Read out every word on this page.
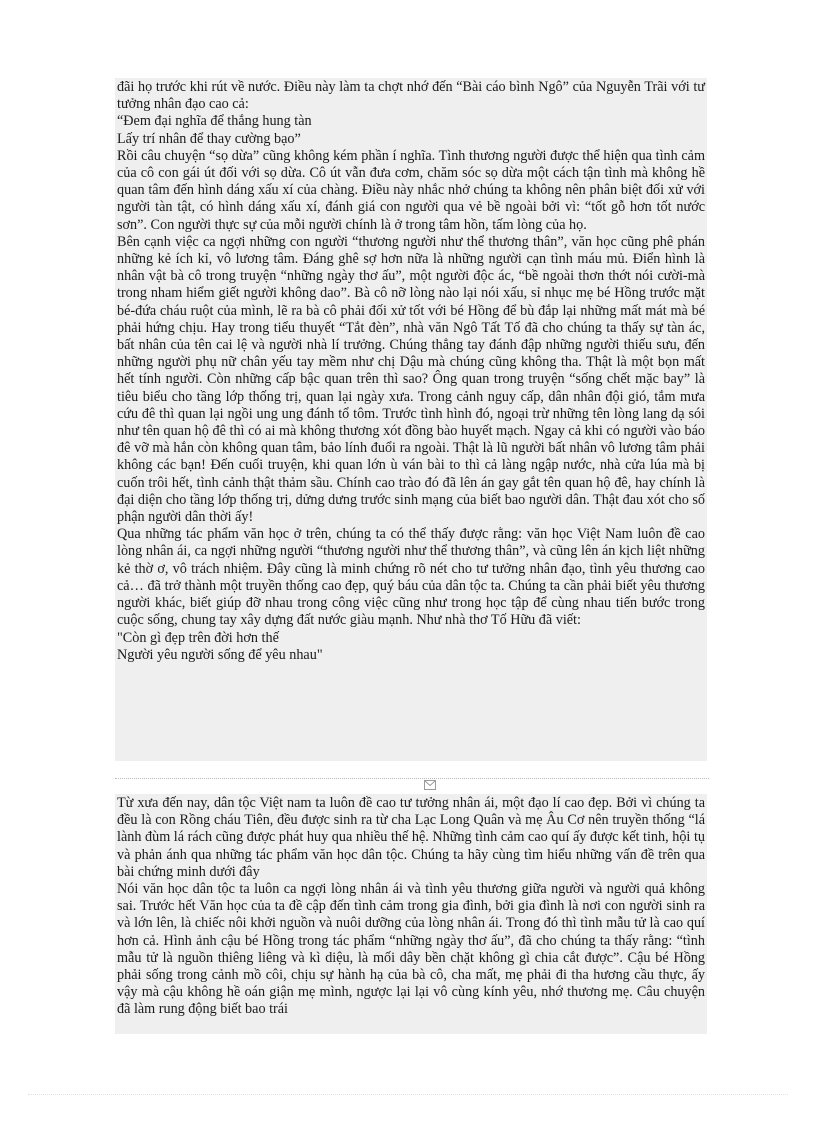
đãi họ trước khi rút về nước. Điều này làm ta chợt nhớ đến “Bài cáo bình Ngô” của Nguyễn Trãi với tư tưởng nhân đạo cao cả:

“Đem đại nghĩa để thắng hung tàn

Lấy trí nhân để thay cường bạo”

Rồi câu chuyện “sọ dừa” cũng không kém phần í nghĩa. Tình thương người được thể hiện qua tình cảm của cô con gái út đối với sọ dừa. Cô út vẫn đưa cơm, chăm sóc sọ dừa một cách tận tình mà không hề quan tâm đến hình dáng xấu xí của chàng. Điều này nhắc nhở chúng ta không nên phân biệt đối xử với người tàn tật, có hình dáng xấu xí, đánh giá con người qua vẻ bề ngoài bởi vì: “tốt gỗ hơn tốt nước sơn”. Con người thực sự của mỗi người chính là ở trong tâm hồn, tấm lòng của họ.

Bên cạnh việc ca ngợi những con người “thương người như thể thương thân”, văn học cũng phê phán những kẻ ích kỉ, vô lương tâm. Đáng ghê sợ hơn nữa là những người cạn tình máu mủ. Điển hình là nhân vật bà cô trong truyện “những ngày thơ ấu”, một người độc ác, “bề ngoài thơn thớt nói cười-mà trong nham hiểm giết người không dao”. Bà cô nỡ lòng nào lại nói xấu, sỉ nhục mẹ bé Hồng trước mặt bé-đứa cháu ruột của mình, lẽ ra bà cô phải đối xử tốt với bé Hồng để bù đắp lại những mất mát mà bé phải hứng chịu. Hay trong tiểu thuyết “Tắt đèn”, nhà văn Ngô Tất Tố đã cho chúng ta thấy sự tàn ác, bất nhân của tên cai lệ và người nhà lí trưởng. Chúng thẳng tay đánh đập những người thiếu sưu, đến những người phụ nữ chân yếu tay mềm như chị Dậu mà chúng cũng không tha. Thật là một bọn mất hết tính người. Còn những cấp bậc quan trên thì sao? Ông quan trong truyện “sống chết mặc bay” là tiêu biểu cho tầng lớp thống trị, quan lại ngày xưa. Trong cảnh nguy cấp, dân nhân đội gió, tắm mưa cứu đê thì quan lại ngồi ung ung đánh tổ tôm. Trước tình hình đó, ngoại trừ những tên lòng lang dạ sói như tên quan hộ đê thì có ai mà không thương xót đồng bào huyết mạch. Ngay cả khi có người vào báo đê vỡ mà hắn còn không quan tâm, bảo lính đuổi ra ngoài. Thật là lũ người bất nhân vô lương tâm phải không các bạn! Đến cuối truyện, khi quan lớn ù ván bài to thì cả làng ngập nước, nhà cửa lúa mà bị cuốn trôi hết, tình cảnh thật thảm sầu. Chính cao trào đó đã lên án gay gắt tên quan hộ đê, hay chính là đại diện cho tầng lớp thống trị, dửng dưng trước sinh mạng của biết bao người dân. Thật đau xót cho số phận người dân thời ấy!

Qua những tác phẩm văn học ở trên, chúng ta có thể thấy được rằng: văn học Việt Nam luôn đề cao lòng nhân ái, ca ngợi những người “thương người như thể thương thân”, và cũng lên án kịch liệt những kẻ thờ ơ, vô trách nhiệm. Đây cũng là minh chứng rõ nét cho tư tưởng nhân đạo, tình yêu thương cao cả… đã trở thành một truyền thống cao đẹp, quý báu của dân tộc ta. Chúng ta cần phải biết yêu thương người khác, biết giúp đỡ nhau trong công việc cũng như trong học tập để cùng nhau tiến bước trong cuộc sống, chung tay xây dựng đất nước giàu mạnh. Như nhà thơ Tố Hữu đã viết:

"Còn gì đẹp trên đời hơn thế

Người yêu người sống để yêu nhau"

Từ xưa đến nay, dân tộc Việt nam ta luôn đề cao tư tưởng nhân ái, một đạo lí cao đẹp. Bởi vì chúng ta đều là con Rồng cháu Tiên, đều được sinh ra từ cha Lạc Long Quân và mẹ Âu Cơ nên truyền thống “lá lành đùm lá rách cũng được phát huy qua nhiều thế hệ. Những tình cảm cao quí ấy được kết tinh, hội tụ và phản ánh qua những tác phẩm văn học dân tộc. Chúng ta hãy cùng tìm hiểu những vấn đề trên qua bài chứng minh dưới đây

Nói văn học dân tộc ta luôn ca ngợi lòng nhân ái và tình yêu thương giữa người và người quả không sai. Trước hết Văn học của ta đề cập đến tình cảm trong gia đình, bởi gia đình là nơi con người sinh ra và lớn lên, là chiếc nôi khởi nguồn và nuôi dưỡng của lòng nhân ái. Trong đó thì tình mẫu tử là cao quí hơn cả. Hình ảnh cậu bé Hồng trong tác phẩm “những ngày thơ ấu”, đã cho chúng ta thấy rằng: “tình mẫu tử là nguồn thiêng liêng và kì diệu, là mối dây bền chặt không gì chia cắt được”. Cậu bé Hồng phải sống trong cảnh mồ côi, chịu sự hành hạ của bà cô, cha mất, mẹ phải đi tha hương cầu thực, ấy vậy mà cậu không hề oán giận mẹ mình, ngược lại lại vô cùng kính yêu, nhớ thương mẹ. Câu chuyện đã làm rung động biết bao trái
